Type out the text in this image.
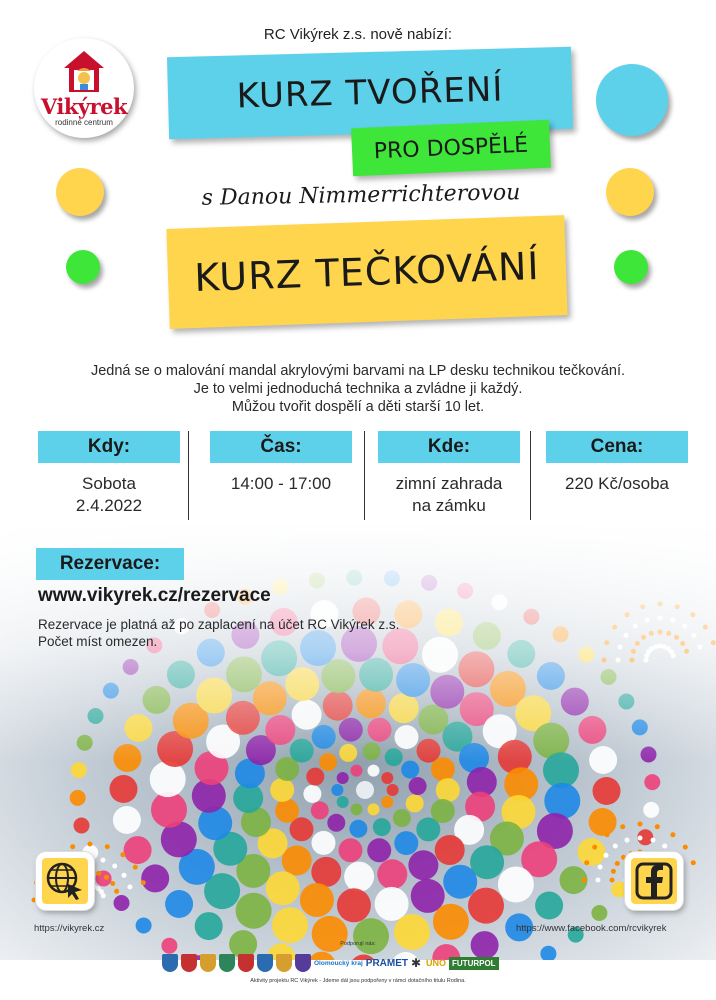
RC Vikýrek z.s. nově nabízí:
Vikýrek
rodinné centrum
KURZ TVOŘENÍ
PRO DOSPĚLÉ
s Danou Nimmerrichterovou
KURZ TEČKOVÁNÍ
Jedná se o malování mandal akrylovými barvami na LP desku technikou tečkování.
Je to velmi jednoduchá technika a zvládne ji každý.
Můžou tvořit dospělí a děti starší 10 let.
Kdy:
Sobota
2.4.2022
Čas:
14:00 - 17:00
Kde:
zimní zahrada
na zámku
Cena:
220 Kč/osoba
Rezervace:
www.vikyrek.cz/rezervace
Rezervace je platná až po zaplacení na účet RC Vikýrek z.s.
Počet míst omezen.
https://vikyrek.cz	https://www.facebook.com/rcvikyrek
Podporují nás:
Olomoucký kraj PRAMET ✱ UNO FUTURPOL
Aktivity projektu RC Vikýrek - Jdeme dál jsou podpořeny v rámci dotačního titulu Rodina.
